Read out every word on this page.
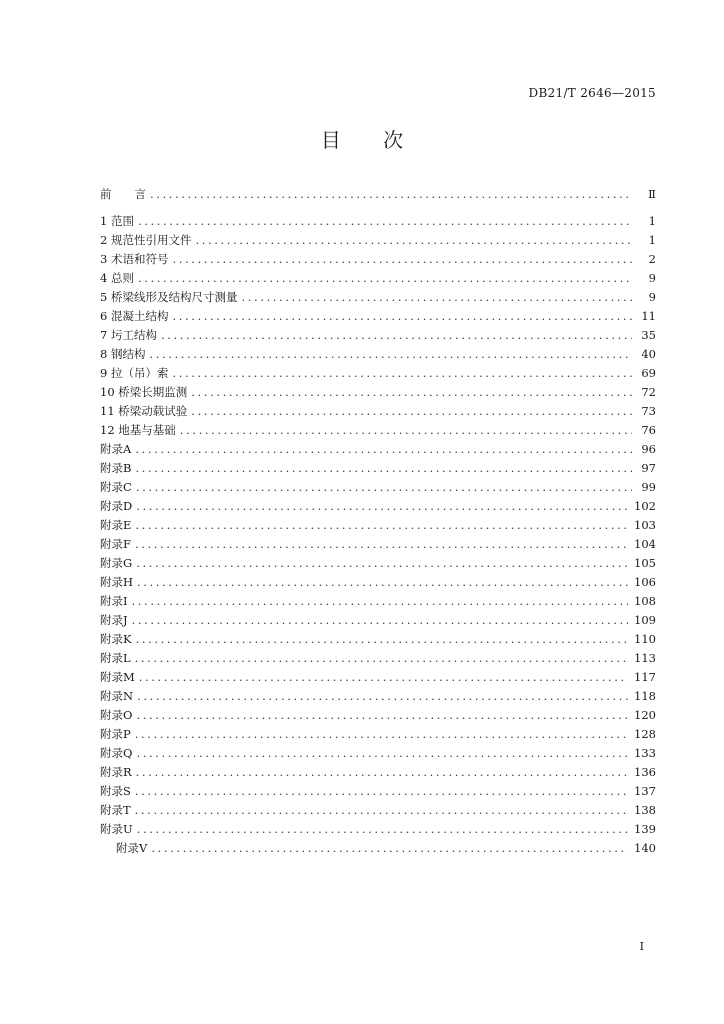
DB21/T 2646—2015
目 次
前　　言 .....	Ⅱ
1 范围 .....	1
2 规范性引用文件 .....	1
3 术语和符号 .....	2
4 总则 .....	9
5 桥梁线形及结构尺寸测量 .....	9
6 混凝土结构 .....	11
7 圬工结构 .....	35
8 钢结构 .....	40
9 拉（吊）索 .....	69
10 桥梁长期监测 .....	72
11 桥梁动载试验 .....	73
12 地基与基础 .....	76
附录A .....	96
附录B .....	97
附录C .....	99
附录D .....	102
附录E .....	103
附录F .....	104
附录G .....	105
附录H .....	106
附录I .....	108
附录J .....	109
附录K .....	110
附录L .....	113
附录M .....	117
附录N .....	118
附录O .....	120
附录P .....	128
附录Q .....	133
附录R .....	136
附录S .....	137
附录T .....	138
附录U .....	139
附录V .....	140
I
